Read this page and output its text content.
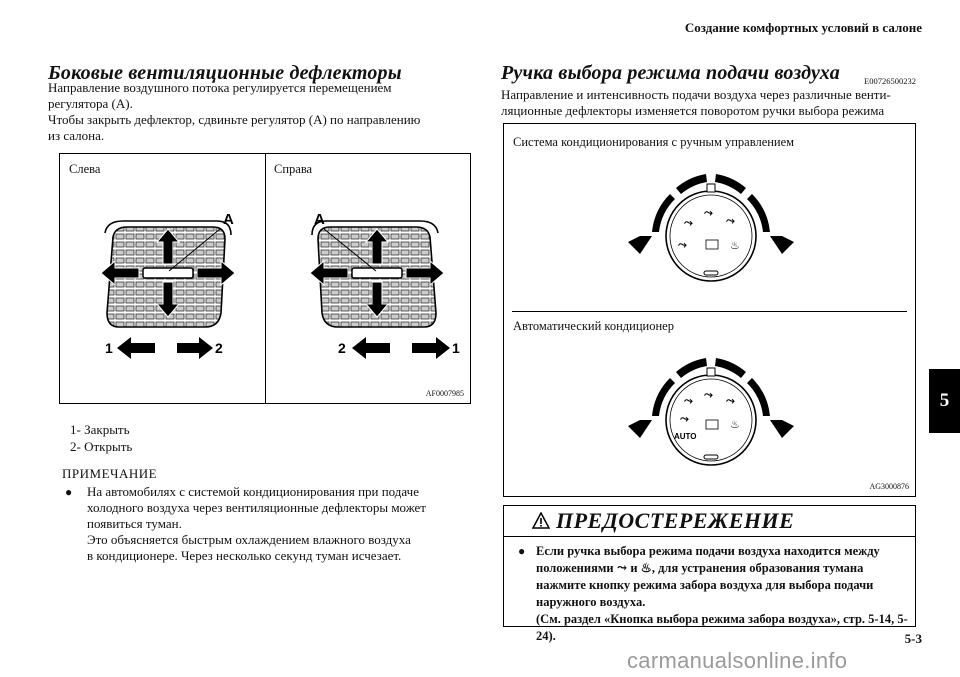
Создание комфортных условий в салоне
Боковые вентиляционные дефлекторы
Направление воздушного потока регулируется перемещением
регулятора (A).
Чтобы закрыть дефлектор, сдвиньте регулятор (A) по направлению
из салона.
Слева	Справа
A
1	2
A
2	1
AF0007985
1- Закрыть
2- Открыть
ПРИМЕЧАНИЕ
●	На автомобилях с системой кондиционирования при подаче
холодного воздуха через вентиляционные дефлекторы может
появиться туман.
Это объясняется быстрым охлаждением влажного воздуха
в кондиционере. Через несколько секунд туман исчезает.
Ручка выбора режима подачи воздуха	E00726500232
Направление и интенсивность подачи воздуха через различные венти-
ляционные дефлекторы изменяется поворотом ручки выбора режима
Система кондиционирования с ручным управлением
Автоматический кондиционер
⤳
⤳
⤳
⤳	♨
⤳ ⤳ ⤳
⤳	♨
AUTO
AG3000876
ПРЕДОСТЕРЕЖЕНИЕ
● Если ручка выбора режима подачи воздуха находится между
положениями ⤳ и ♨, для устранения образования тумана
нажмите кнопку режима забора воздуха для выбора подачи
наружного воздуха.
(См. раздел «Кнопка выбора режима забора воздуха», стр. 5-14, 5-24).
5
5-3
carmanualsonline.info
